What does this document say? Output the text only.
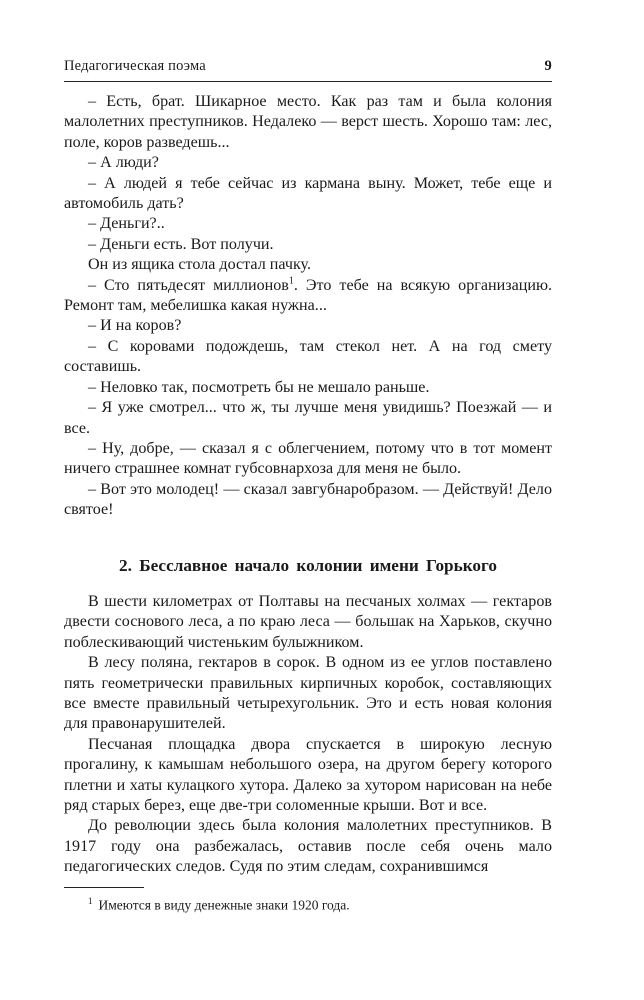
Педагогическая поэма	9

– Есть, брат. Шикарное место. Как раз там и была колония малолетних преступников. Недалеко — верст шесть. Хорошо там: лес, поле, коров разведешь...

– А люди?

– А людей я тебе сейчас из кармана выну. Может, тебе еще и автомобиль дать?

– Деньги?..

– Деньги есть. Вот получи.

Он из ящика стола достал пачку.

– Сто пятьдесят миллионов$^1$. Это тебе на всякую организацию. Ремонт там, мебелишка какая нужна...

– И на коров?

– С коровами подождешь, там стекол нет. А на год смету составишь.

– Неловко так, посмотреть бы не мешало раньше.

– Я уже смотрел... что ж, ты лучше меня увидишь? Поезжай — и все.

– Ну, добре, — сказал я с облегчением, потому что в тот момент ничего страшнее комнат губсовнархоза для меня не было.

– Вот это молодец! — сказал завгубнаробразом. — Действуй! Дело святое!

2. Бесславное начало колонии имени Горького

В шести километрах от Полтавы на песчаных холмах — гектаров двести соснового леса, а по краю леса — большак на Харьков, скучно поблескивающий чистеньким булыжником.

В лесу поляна, гектаров в сорок. В одном из ее углов поставлено пять геометрически правильных кирпичных коробок, составляющих все вместе правильный четырехугольник. Это и есть новая колония для правонарушителей.

Песчаная площадка двора спускается в широкую лесную прогалину, к камышам небольшого озера, на другом берегу которого плетни и хаты кулацкого хутора. Далеко за хутором нарисован на небе ряд старых берез, еще две-три соломенные крыши. Вот и все.

До революции здесь была колония малолетних преступников. В 1917 году она разбежалась, оставив после себя очень мало педагогических следов. Судя по этим следам, сохранившимся

$^1$ Имеются в виду денежные знаки 1920 года.
